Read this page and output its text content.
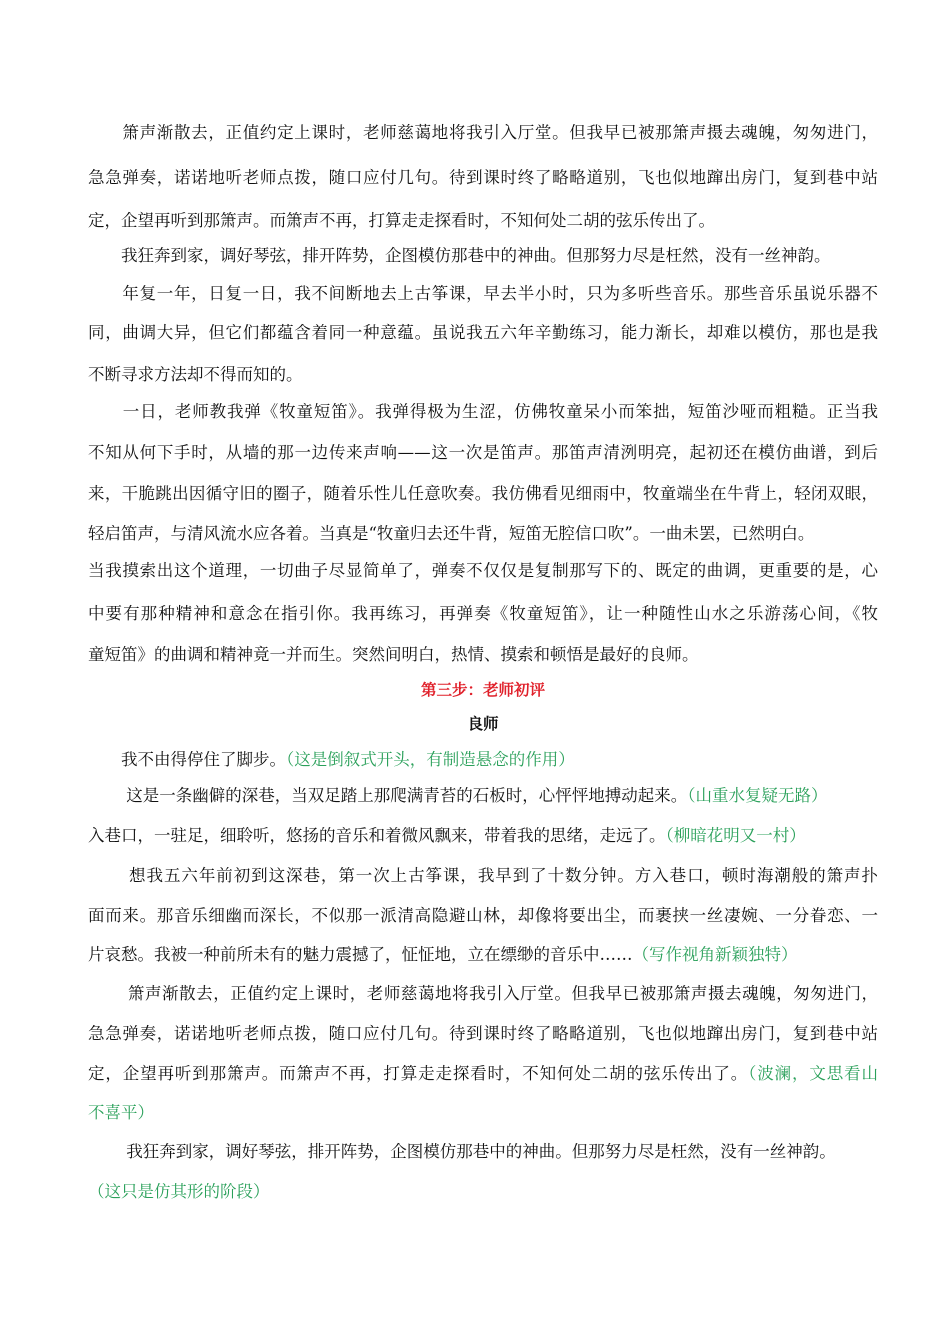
　　箫声渐散去，正值约定上课时，老师慈蔼地将我引入厅堂。但我早已被那箫声摄去魂魄，匆匆进门，
急急弹奏，诺诺地听老师点拨，随口应付几句。待到课时终了略略道别，飞也似地蹿出房门，复到巷中站
定，企望再听到那箫声。而箫声不再，打算走走探看时，不知何处二胡的弦乐传出了。
　　我狂奔到家，调好琴弦，排开阵势，企图模仿那巷中的神曲。但那努力尽是枉然，没有一丝神韵。
　　年复一年，日复一日，我不间断地去上古筝课，早去半小时，只为多听些音乐。那些音乐虽说乐器不
同，曲调大异，但它们都蕴含着同一种意蕴。虽说我五六年辛勤练习，能力渐长，却难以模仿，那也是我
不断寻求方法却不得而知的。
　　一日，老师教我弹《牧童短笛》。我弹得极为生涩，仿佛牧童呆小而笨拙，短笛沙哑而粗糙。正当我
不知从何下手时，从墙的那一边传来声响——这一次是笛声。那笛声清洌明亮，起初还在模仿曲谱，到后
来，干脆跳出因循守旧的圈子，随着乐性儿任意吹奏。我仿佛看见细雨中，牧童端坐在牛背上，轻闭双眼，
轻启笛声，与清风流水应各着。当真是“牧童归去还牛背，短笛无腔信口吹”。一曲未罢，已然明白。
当我摸索出这个道理，一切曲子尽显简单了，弹奏不仅仅是复制那写下的、既定的曲调，更重要的是，心
中要有那种精神和意念在指引你。我再练习，再弹奏《牧童短笛》，让一种随性山水之乐游荡心间，《牧
童短笛》的曲调和精神竟一并而生。突然间明白，热情、摸索和顿悟是最好的良师。
第三步：老师初评
良师
　　我不由得停住了脚步。（这是倒叙式开头，有制造悬念的作用）
　　 这是一条幽僻的深巷，当双足踏上那爬满青苔的石板时，心怦怦地搏动起来。（山重水复疑无路）
入巷口，一驻足，细聆听，悠扬的音乐和着微风飘来，带着我的思绪，走远了。（柳暗花明又一村）
　　 想我五六年前初到这深巷，第一次上古筝课，我早到了十数分钟。方入巷口，顿时海潮般的箫声扑
面而来。那音乐细幽而深长，不似那一派清高隐避山林，却像将要出尘，而裹挟一丝凄婉、一分眷恋、一
片哀愁。我被一种前所未有的魅力震撼了，怔怔地，立在缥缈的音乐中……（写作视角新颖独特）
　　 箫声渐散去，正值约定上课时，老师慈蔼地将我引入厅堂。但我早已被那箫声摄去魂魄，匆匆进门，
急急弹奏，诺诺地听老师点拨，随口应付几句。待到课时终了略略道别，飞也似地蹿出房门，复到巷中站
定，企望再听到那箫声。而箫声不再，打算走走探看时，不知何处二胡的弦乐传出了。（波澜，文思看山
不喜平）
　　 我狂奔到家，调好琴弦，排开阵势，企图模仿那巷中的神曲。但那努力尽是枉然，没有一丝神韵。
（这只是仿其形的阶段）
